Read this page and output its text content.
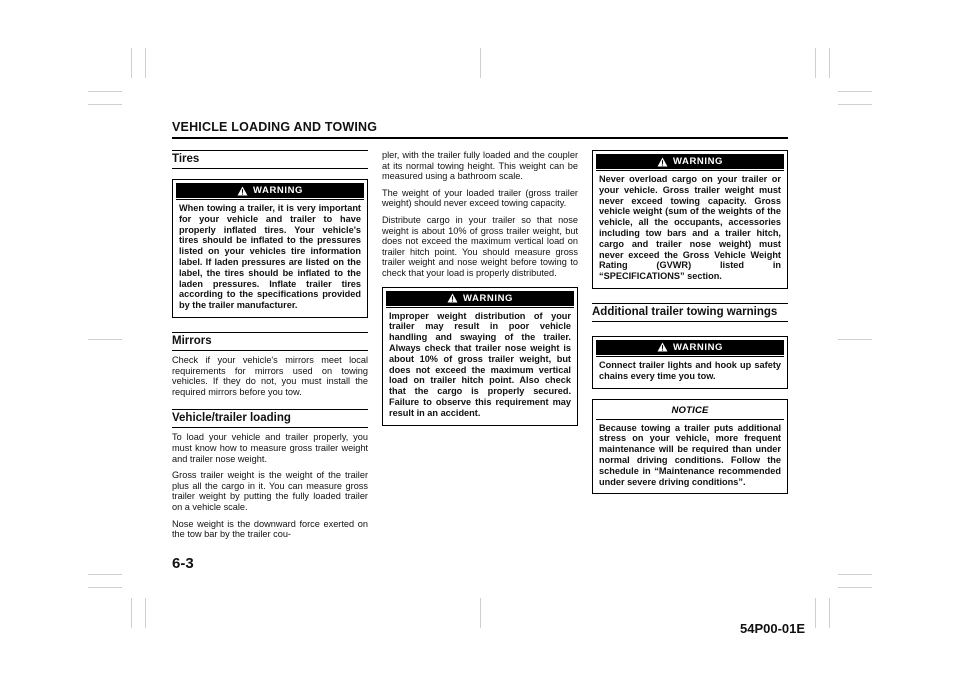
VEHICLE LOADING AND TOWING
Tires
WARNING
When towing a trailer, it is very important for your vehicle and trailer to have properly inflated tires. Your vehicle's tires should be inflated to the pressures listed on your vehicles tire information label. If laden pressures are listed on the label, the tires should be inflated to the laden pressures. Inflate trailer tires according to the specifications provided by the trailer manufacturer.
Mirrors

Check if your vehicle's mirrors meet local requirements for mirrors used on towing vehicles. If they do not, you must install the required mirrors before you tow.

Vehicle/trailer loading

To load your vehicle and trailer properly, you must know how to measure gross trailer weight and trailer nose weight.

Gross trailer weight is the weight of the trailer plus all the cargo in it. You can measure gross trailer weight by putting the fully loaded trailer on a vehicle scale.

Nose weight is the downward force exerted on the tow bar by the trailer cou-

pler, with the trailer fully loaded and the coupler at its normal towing height. This weight can be measured using a bathroom scale.

The weight of your loaded trailer (gross trailer weight) should never exceed towing capacity.

Distribute cargo in your trailer so that nose weight is about 10% of gross trailer weight, but does not exceed the maximum vertical load on trailer hitch point. You should measure gross trailer weight and nose weight before towing to check that your load is properly distributed.

WARNING
Improper weight distribution of your trailer may result in poor vehicle handling and swaying of the trailer. Always check that trailer nose weight is about 10% of gross trailer weight, but does not exceed the maximum vertical load on trailer hitch point. Also check that the cargo is properly secured. Failure to observe this requirement may result in an accident.
WARNING
Never overload cargo on your trailer or your vehicle. Gross trailer weight must never exceed towing capacity. Gross vehicle weight (sum of the weights of the vehicle, all the occupants, accessories including tow bars and a trailer hitch, cargo and trailer nose weight) must never exceed the Gross Vehicle Weight Rating (GVWR) listed in “SPECIFICATIONS” section.
Additional trailer towing warnings
WARNING
Connect trailer lights and hook up safety chains every time you tow.
NOTICE
Because towing a trailer puts additional stress on your vehicle, more frequent maintenance will be required than under normal driving conditions. Follow the schedule in “Maintenance recommended under severe driving conditions”.
6-3
54P00-01E
